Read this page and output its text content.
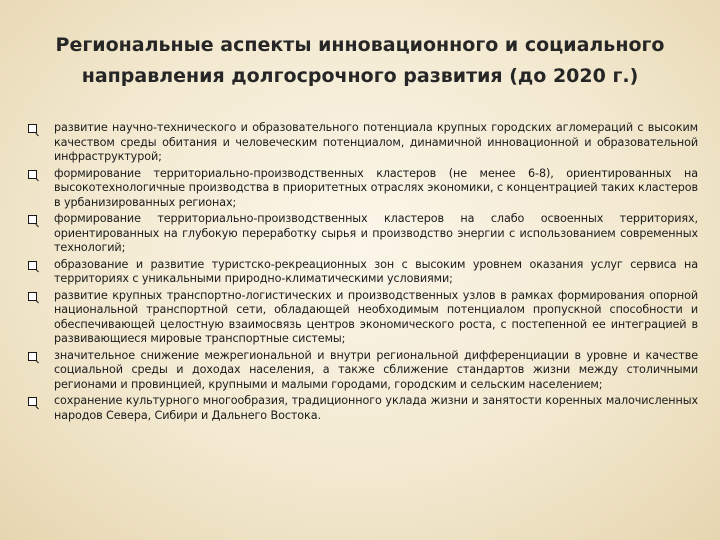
Региональные аспекты инновационного и социального
направления долгосрочного развития (до 2020 г.)
развитие научно-технического и образовательного потенциала крупных городских агломераций с высоким качеством среды обитания и человеческим потенциалом, динамичной инновационной и образовательной инфраструктурой;
формирование территориально-производственных кластеров (не менее 6-8), ориентированных на высокотехнологичные производства в приоритетных отраслях экономики, с концентрацией таких кластеров в урбанизированных регионах;
формирование территориально-производственных кластеров на слабо освоенных территориях, ориентированных на глубокую переработку сырья и производство энергии с использованием современных технологий;
образование и развитие туристско-рекреационных зон с высоким уровнем оказания услуг сервиса на территориях с уникальными природно-климатическими условиями;
развитие крупных транспортно-логистических и производственных узлов в рамках формирования опорной национальной транспортной сети, обладающей необходимым потенциалом пропускной способности и обеспечивающей целостную взаимосвязь центров экономического роста, с постепенной ее интеграцией в развивающиеся мировые транспортные системы;
значительное снижение межрегиональной и внутри региональной дифференциации в уровне и качестве социальной среды и доходах населения, а также сближение стандартов жизни между столичными регионами и провинцией, крупными и малыми городами, городским и сельским населением;
сохранение культурного многообразия, традиционного уклада жизни и занятости коренных малочисленных народов Севера, Сибири и Дальнего Востока.
